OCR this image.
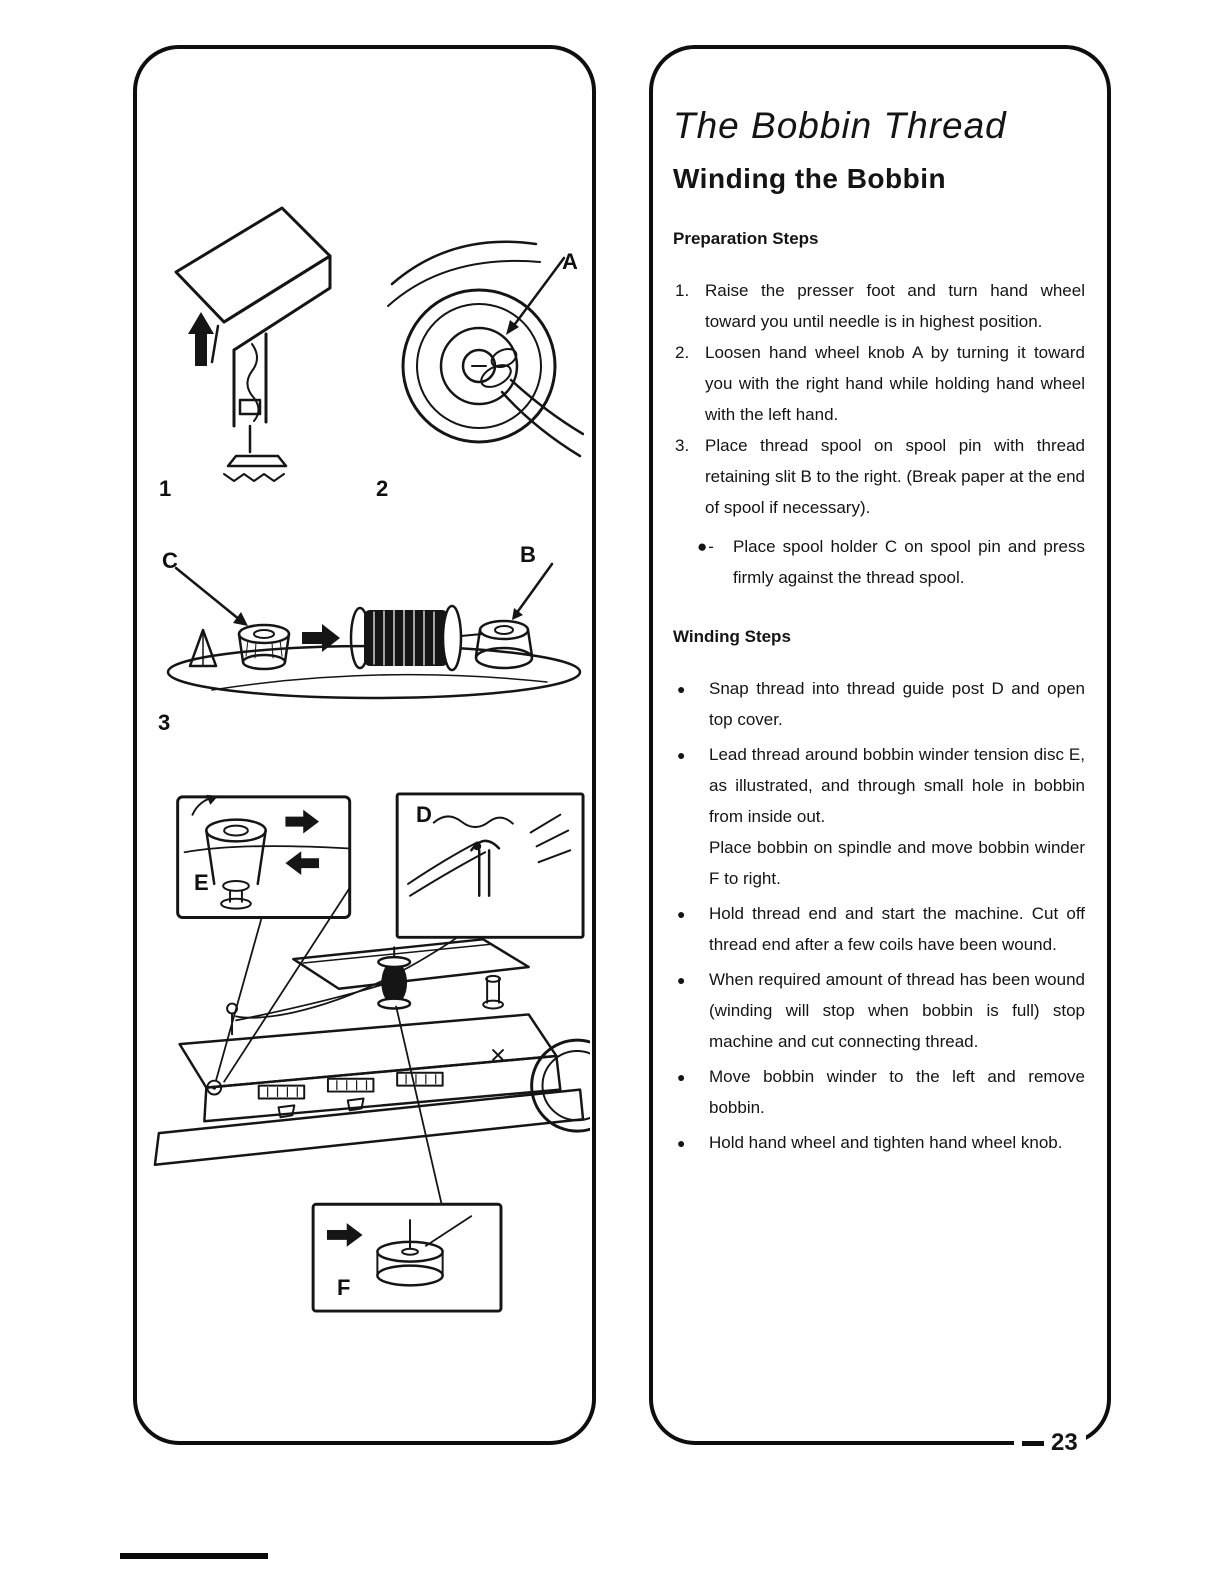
1	2
3
A
B
C
D
E
F
The Bobbin Thread
Winding the Bobbin
Preparation Steps
1. Raise the presser foot and turn hand wheel toward you until needle is in highest position.
2. Loosen hand wheel knob A by turning it toward you with the right hand while holding hand wheel with the left hand.
3. Place thread spool on spool pin with thread retaining slit B to the right. (Break paper at the end of spool if necessary).
●-	Place spool holder C on spool pin and press firmly against the thread spool.
Winding Steps
●	Snap thread into thread guide post D and open top cover.
●	Lead thread around bobbin winder tension disc E, as illustrated, and through small hole in bobbin from inside out.
Place bobbin on spindle and move bobbin winder F to right.
●	Hold thread end and start the machine. Cut off thread end after a few coils have been wound.
●	When required amount of thread has been wound (winding will stop when bobbin is full) stop machine and cut connecting thread.
●	Move bobbin winder to the left and remove bobbin.
●	Hold hand wheel and tighten hand wheel knob.
23
